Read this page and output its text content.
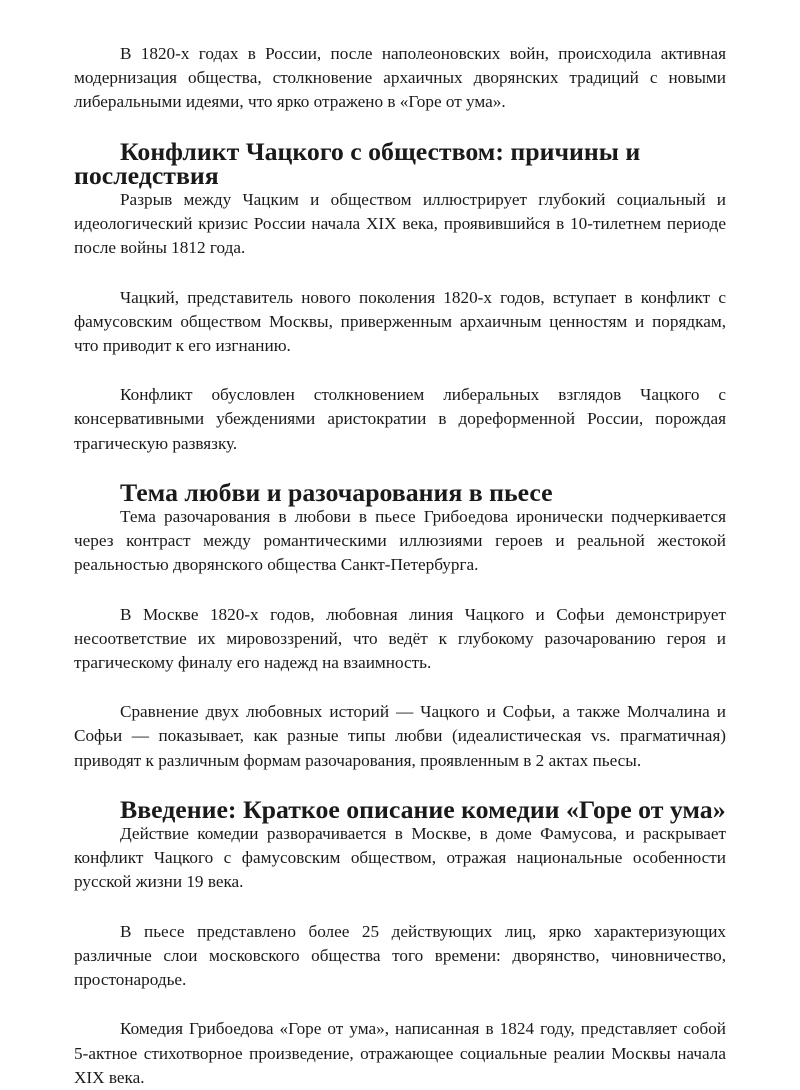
В 1820-х годах в России, после наполеоновских войн, происходила активная модернизация общества, столкновение архаичных дворянских традиций с новыми либеральными идеями, что ярко отражено в «Горе от ума».

Конфликт Чацкого с обществом: причины и последствия

Разрыв между Чацким и обществом иллюстрирует глубокий социальный и идеологический кризис России начала XIX века, проявившийся в 10-тилетнем периоде после войны 1812 года.

Чацкий, представитель нового поколения 1820-х годов, вступает в конфликт с фамусовским обществом Москвы, приверженным архаичным ценностям и порядкам, что приводит к его изгнанию.

Конфликт обусловлен столкновением либеральных взглядов Чацкого с консервативными убеждениями аристократии в дореформенной России, порождая трагическую развязку.

Тема любви и разочарования в пьесе

Тема разочарования в любови в пьесе Грибоедова иронически подчеркивается через контраст между романтическими иллюзиями героев и реальной жестокой реальностью дворянского общества Санкт-Петербурга.

В Москве 1820-х годов, любовная линия Чацкого и Софьи демонстрирует несоответствие их мировоззрений, что ведёт к глубокому разочарованию героя и трагическому финалу его надежд на взаимность.

Сравнение двух любовных историй — Чацкого и Софьи, а также Молчалина и Софьи — показывает, как разные типы любви (идеалистическая vs. прагматичная) приводят к различным формам разочарования, проявленным в 2 актах пьесы.

Введение: Краткое описание комедии «Горе от ума»

Действие комедии разворачивается в Москве, в доме Фамусова, и раскрывает конфликт Чацкого с фамусовским обществом, отражая национальные особенности русской жизни 19 века.

В пьесе представлено более 25 действующих лиц, ярко характеризующих различные слои московского общества того времени: дворянство, чиновничество, простонародье.

Комедия Грибоедова «Горе от ума», написанная в 1824 году, представляет собой 5-актное стихотворное произведение, отражающее социальные реалии Москвы начала XIX века.
